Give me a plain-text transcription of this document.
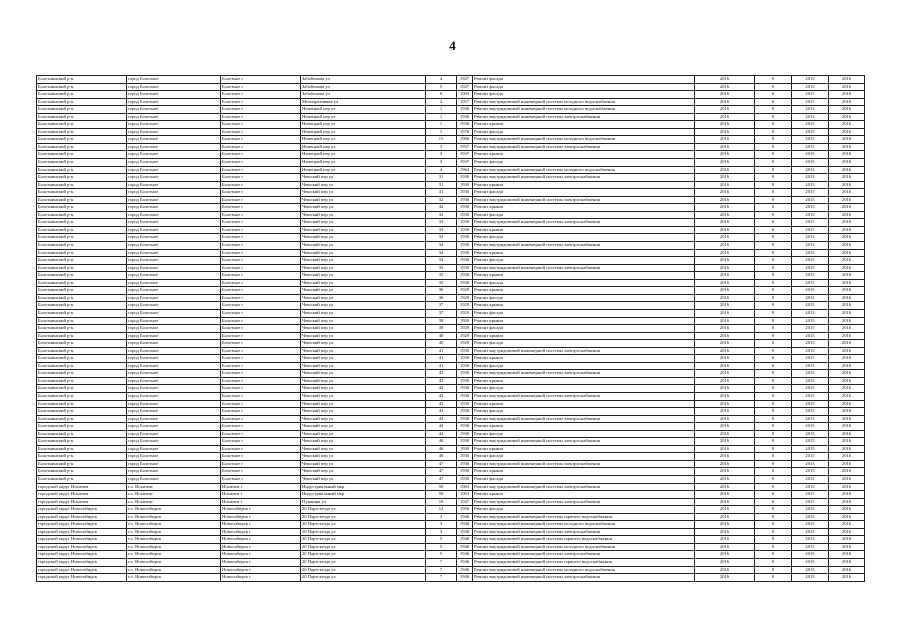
4
Болотнинский р-н	город Болотное	Болотное г	Забабонова ул	4	1927	Ремонт фасада	2016	0	2015	2016
Болотнинский р-н	город Болотное	Болотное г	Забабонова ул	5	1927	Ремонт фасада	2016	0	2015	2016
Болотнинский р-н	город Болотное	Болотное г	Забабонова ул	6	1903	Ремонт фасада	2016	0	2015	2016
Болотнинский р-н	город Болотное	Болотное г	Мелиоративная ул	2	1957	Ремонт внутридомовой инженерной системы холодного водоснабжения	2016	0	2015	2016
Болотнинский р-н	город Болотное	Болотное г	Немецкий пер ул	1	1936	Ремонт внутридомовой инженерной системы холодного водоснабжения	2016	0	2013	2016
Болотнинский р-н	город Болотное	Болотное г	Немецкий пер ул	1	1936	Ремонт внутридомовой инженерной системы электроснабжения	2016	0	2013	2016
Болотнинский р-н	город Болотное	Болотное г	Немецкий пер ул	1	1936	Ремонт крыши	2016	0	2015	2016
Болотнинский р-н	город Болотное	Болотное г	Немецкий пер ул	1	1976	Ремонт фасада	2016	0	2015	2016
Болотнинский р-н	город Болотное	Болотное г	Немецкий пер ул	11	1966	Ремонт внутридомовой инженерной системы холодного водоснабжения	2016	0	2015	2016
Болотнинский р-н	город Болотное	Болотное г	Немецкий пер ул	3	1937	Ремонт внутридомовой инженерной системы электроснабжения	2016	0	2015	2016
Болотнинский р-н	город Болотное	Болотное г	Немецкий пер ул	3	1937	Ремонт крыши	2016	0	2015	2016
Болотнинский р-н	город Болотное	Болотное г	Немецкий пер ул	3	1937	Ремонт фасада	2016	0	2015	2016
Болотнинский р-н	город Болотное	Болотное г	Немецкий пер ул	4	1964	Ремонт внутридомовой инженерной системы холодного водоснабжения	2016	0	2013	2016
Болотнинский р-н	город Болотное	Болотное г	Чешский пер ул	31	1930	Ремонт внутридомовой инженерной системы электроснабжения	2016	0	2013	2016
Болотнинский р-н	город Болотное	Болотное г	Чешский пер ул	31	1930	Ремонт крыши	2016	0	2013	2016
Болотнинский р-н	город Болотное	Болотное г	Чешский пер ул	31	1930	Ремонт фасада	2016	0	2015	2016
Болотнинский р-н	город Болотное	Болотное г	Чешский пер ул	32	1930	Ремонт внутридомовой инженерной системы электроснабжения	2016	0	2015	2016
Болотнинский р-н	город Болотное	Болотное г	Чешский пер ул	32	1930	Ремонт крыши	2016	0	2015	2016
Болотнинский р-н	город Болотное	Болотное г	Чешский пер ул	32	1930	Ремонт фасада	2016	0	2015	2016
Болотнинский р-н	город Болотное	Болотное г	Чешский пер ул	33	1930	Ремонт внутридомовой инженерной системы электроснабжения	2016	0	2015	2016
Болотнинский р-н	город Болотное	Болотное г	Чешский пер ул	33	1930	Ремонт крыши	2016	0	2015	2016
Болотнинский р-н	город Болотное	Болотное г	Чешский пер ул	33	1930	Ремонт фасада	2016	0	2013	2016
Болотнинский р-н	город Болотное	Болотное г	Чешский пер ул	34	1930	Ремонт внутридомовой инженерной системы электроснабжения	2016	0	2013	2016
Болотнинский р-н	город Болотное	Болотное г	Чешский пер ул	34	1930	Ремонт крыши	2016	0	2015	2016
Болотнинский р-н	город Болотное	Болотное г	Чешский пер ул	34	1930	Ремонт фасада	2016	0	2015	2016
Болотнинский р-н	город Болотное	Болотное г	Чешский пер ул	35	1930	Ремонт внутридомовой инженерной системы электроснабжения	2016	0	2015	2016
Болотнинский р-н	город Болотное	Болотное г	Чешский пер ул	35	1930	Ремонт крыши	2016	0	2015	2016
Болотнинский р-н	город Болотное	Болотное г	Чешский пер ул	35	1930	Ремонт фасада	2016	0	2015	2016
Болотнинский р-н	город Болотное	Болотное г	Чешский пер ул	36	1929	Ремонт крыши	2016	0	2015	2016
Болотнинский р-н	город Болотное	Болотное г	Чешский пер ул	36	1929	Ремонт фасада	2016	0	2013	2016
Болотнинский р-н	город Болотное	Болотное г	Чешский пер ул	37	1929	Ремонт крыши	2016	0	2015	2016
Болотнинский р-н	город Болотное	Болотное г	Чешский пер ул	37	1929	Ремонт фасада	2016	0	2013	2016
Болотнинский р-н	город Болотное	Болотное г	Чешский пер ул	39	1929	Ремонт крыши	2016	0	2015	2016
Болотнинский р-н	город Болотное	Болотное г	Чешский пер ул	39	1929	Ремонт фасада	2016	0	2015	2016
Болотнинский р-н	город Болотное	Болотное г	Чешский пер ул	40	1929	Ремонт крыши	2016	0	2015	2016
Болотнинский р-н	город Болотное	Болотное г	Чешский пер ул	40	1929	Ремонт фасада	2016	0	2015	2016
Болотнинский р-н	город Болотное	Болотное г	Чешский пер ул	41	1930	Ремонт внутридомовой инженерной системы электроснабжения	2016	0	2015	2016
Болотнинский р-н	город Болотное	Болотное г	Чешский пер ул	41	1930	Ремонт крыши	2016	0	2015	2016
Болотнинский р-н	город Болотное	Болотное г	Чешский пер ул	41	1930	Ремонт фасада	2016	0	2013	2016
Болотнинский р-н	город Болотное	Болотное г	Чешский пер ул	42	1930	Ремонт внутридомовой инженерной системы электроснабжения	2016	0	2015	2016
Болотнинский р-н	город Болотное	Болотное г	Чешский пер ул	42	1930	Ремонт крыши	2016	0	2015	2016
Болотнинский р-н	город Болотное	Болотное г	Чешский пер ул	42	1930	Ремонт фасада	2016	0	2015	2016
Болотнинский р-н	город Болотное	Болотное г	Чешский пер ул	43	1930	Ремонт внутридомовой инженерной системы электроснабжения	2016	0	2015	2016
Болотнинский р-н	город Болотное	Болотное г	Чешский пер ул	43	1930	Ремонт крыши	2016	0	2015	2016
Болотнинский р-н	город Болотное	Болотное г	Чешский пер ул	43	1930	Ремонт фасада	2016	0	2015	2016
Болотнинский р-н	город Болотное	Болотное г	Чешский пер ул	44	1930	Ремонт внутридомовой инженерной системы электроснабжения	2016	0	2013	2016
Болотнинский р-н	город Болотное	Болотное г	Чешский пер ул	44	1930	Ремонт крыши	2016	0	2015	2016
Болотнинский р-н	город Болотное	Болотное г	Чешский пер ул	44	1930	Ремонт фасада	2016	0	2015	2016
Болотнинский р-н	город Болотное	Болотное г	Чешский пер ул	46	1930	Ремонт внутридомовой инженерной системы электроснабжения	2016	0	2015	2016
Болотнинский р-н	город Болотное	Болотное г	Чешский пер ул	46	1930	Ремонт крыши	2016	0	2015	2016
Болотнинский р-н	город Болотное	Болотное г	Чешский пер ул	46	1930	Ремонт фасада	2016	0	2015	2016
Болотнинский р-н	город Болотное	Болотное г	Чешский пер ул	47	1930	Ремонт внутридомовой инженерной системы электроснабжения	2016	0	2013	2016
Болотнинский р-н	город Болотное	Болотное г	Чешский пер ул	47	1930	Ремонт крыши	2016	0	2015	2016
Болотнинский р-н	город Болотное	Болотное г	Чешский пер ул	47	1930	Ремонт фасада	2016	0	2013	2016
городской округ Искитим	г.о. Искитим	Искитим г	Индустриальный мкр	50	1963	Ремонт внутридомовой инженерной системы электроснабжения	2016	0	2015	2016
городской округ Искитим	г.о. Искитим	Искитим г	Индустриальный мкр	50	1963	Ремонт крыши	2016	0	2015	2016
городской округ Искитим	г.о. Искитим	Искитим г	Пушкина ул	16	1947	Ремонт внутридомовой инженерной системы электроснабжения	2016	0	2015	2016
городской округ Новосибирск	г.о. Новосибирск	Новосибирск г	20 Партсъезда ул	12	1956	Ремонт фасада	2016	0	2015	2016
городской округ Новосибирск	г.о. Новосибирск	Новосибирск г	20 Партсъезда ул	3	1946	Ремонт внутридомовой инженерной системы горячего водоснабжения	2016	0	2015	2016
городской округ Новосибирск	г.о. Новосибирск	Новосибирск г	20 Партсъезда ул	3	1946	Ремонт внутридомовой инженерной системы холодного водоснабжения	2016	0	2015	2016
городской округ Новосибирск	г.о. Новосибирск	Новосибирск г	20 Партсъезда ул	3	1946	Ремонт внутридомовой инженерной системы электроснабжения	2016	0	2013	2016
городской округ Новосибирск	г.о. Новосибирск	Новосибирск г	20 Партсъезда ул	5	1946	Ремонт внутридомовой инженерной системы горячего водоснабжения	2016	0	2013	2016
городской округ Новосибирск	г.о. Новосибирск	Новосибирск г	20 Партсъезда ул	5	1946	Ремонт внутридомовой инженерной системы холодного водоснабжения	2016	0	2015	2016
городской округ Новосибирск	г.о. Новосибирск	Новосибирск г	20 Партсъезда ул	5	1946	Ремонт внутридомовой инженерной системы электроснабжения	2016	0	2015	2016
городской округ Новосибирск	г.о. Новосибирск	Новосибирск г	20 Партсъезда ул	7	1946	Ремонт внутридомовой инженерной системы горячего водоснабжения	2016	0	2015	2016
городской округ Новосибирск	г.о. Новосибирск	Новосибирск г	20 Партсъезда ул	7	1946	Ремонт внутридомовой инженерной системы холодного водоснабжения	2016	0	2015	2016
городской округ Новосибирск	г.о. Новосибирск	Новосибирск г	20 Партсъезда ул	7	1946	Ремонт внутридомовой инженерной системы электроснабжения	2016	0	2015	2016
